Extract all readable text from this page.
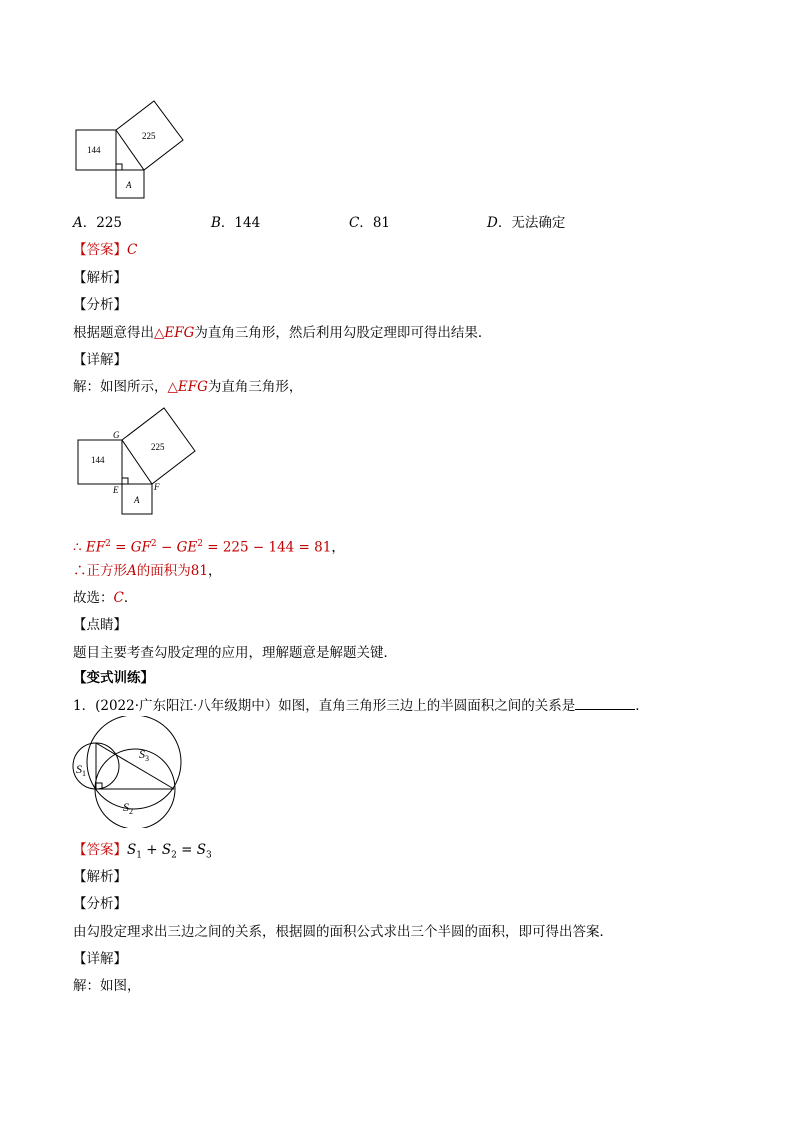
225
144
A
A．225	B．144	C．81	D．无法确定
【答案】C
【解析】
【分析】
根据题意得出△EFG为直角三角形，然后利用勾股定理即可得出结果．
【详解】
解：如图所示，△EFG为直角三角形，
225
144
A
G
E	F
∴ $EF^2 = GF^2 - GE^2 = 225 - 144 = 81$，
∴正方形A的面积为81，
故选：C．
【点睛】
题目主要考查勾股定理的应用，理解题意是解题关键．
【变式训练】
1．(2022·广东阳江·八年级期中）如图，直角三角形三边上的半圆面积之间的关系是	．
$S_1$
$S_3$
$S_2$
【答案】$S_1 + S_2 = S_3$
【解析】
【分析】
由勾股定理求出三边之间的关系，根据圆的面积公式求出三个半圆的面积，即可得出答案．
【详解】
解：如图，
